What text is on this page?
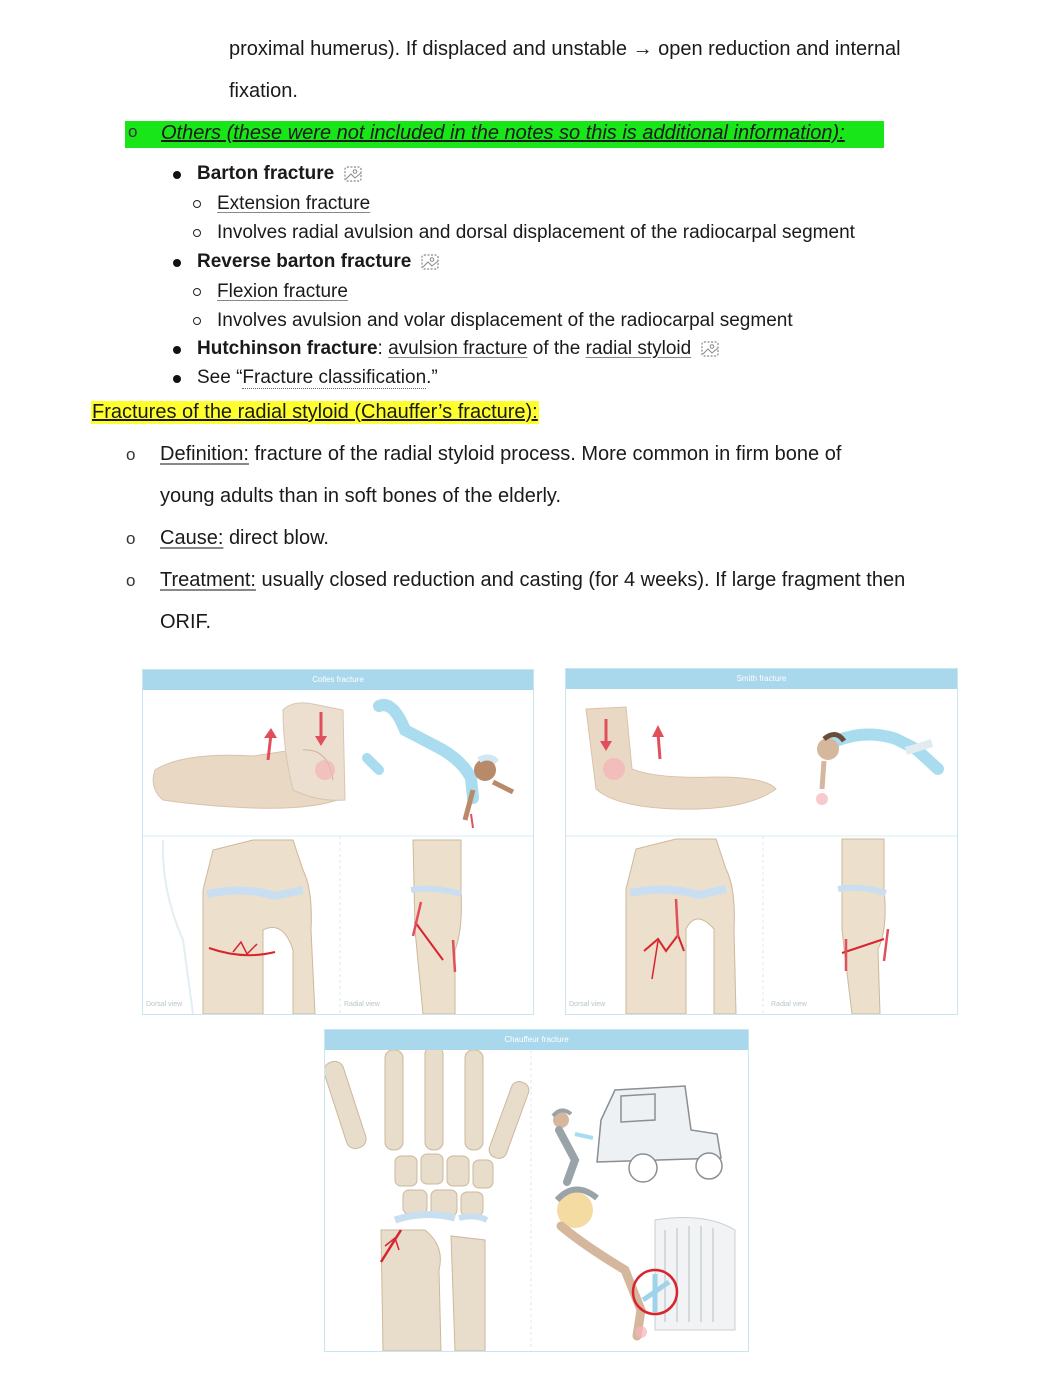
proximal humerus). If displaced and unstable → open reduction and internal
fixation.
o Others (these were not included in the notes so this is additional information):
Barton fracture
Extension fracture
Involves radial avulsion and dorsal displacement of the radiocarpal segment
Reverse barton fracture
Flexion fracture
Involves avulsion and volar displacement of the radiocarpal segment
Hutchinson fracture: avulsion fracture of the radial styloid
See “Fracture classification.”
Fractures of the radial styloid (Chauffer’s fracture):
o Definition: fracture of the radial styloid process. More common in firm bone of
young adults than in soft bones of the elderly.
o Cause: direct blow.
o Treatment: usually closed reduction and casting (for 4 weeks). If large fragment then
ORIF.
Colles fracture
Dorsal view	Radial view
Smith fracture
Dorsal view	Radial view
Chauffeur fracture
